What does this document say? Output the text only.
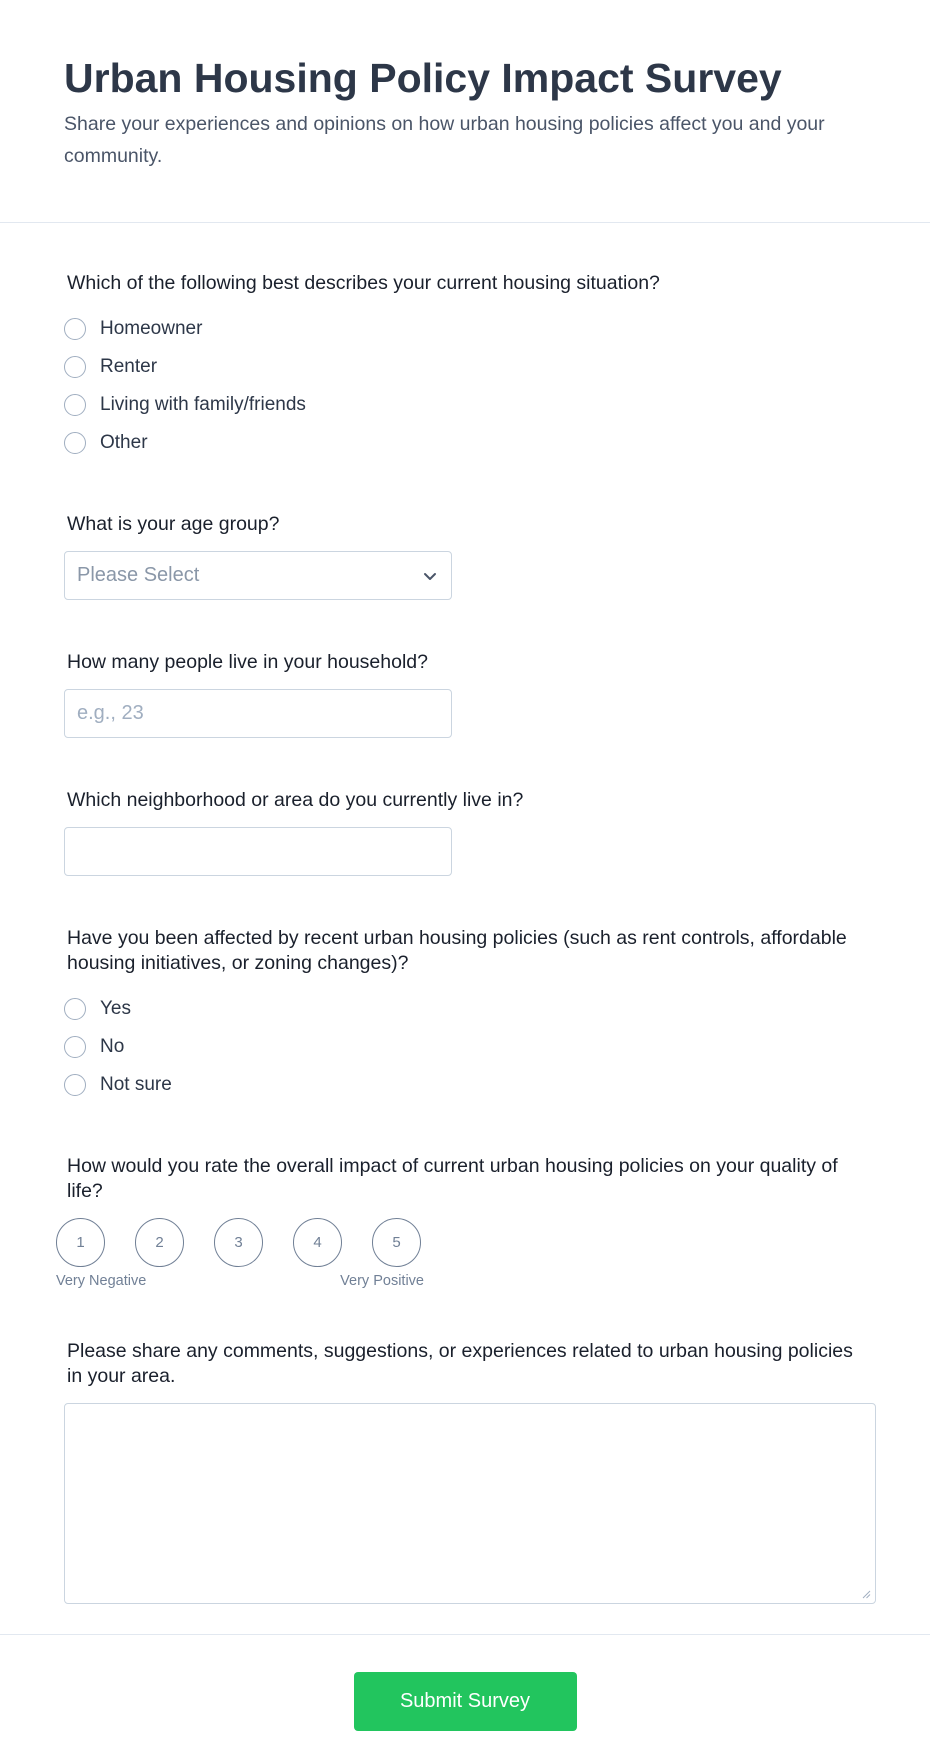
Urban Housing Policy Impact Survey
Share your experiences and opinions on how urban housing policies affect you and your community.
Which of the following best describes your current housing situation?
Homeowner
Renter
Living with family/friends
Other
What is your age group?
Please Select
How many people live in your household?
e.g., 23
Which neighborhood or area do you currently live in?
Have you been affected by recent urban housing policies (such as rent controls, affordable housing initiatives, or zoning changes)?
Yes
No
Not sure
How would you rate the overall impact of current urban housing policies on your quality of life?
1	2	3	4	5
Very Negative	Very Positive
Please share any comments, suggestions, or experiences related to urban housing policies in your area.
Submit Survey
